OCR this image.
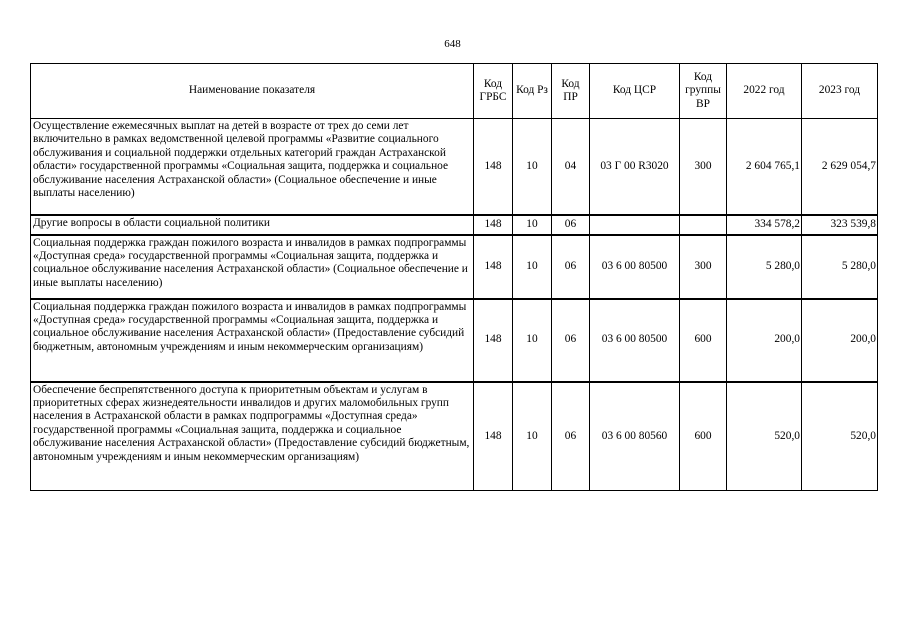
648
Наименование показателя	Код ГРБС	Код Рз	Код ПР	Код ЦСР	Код группы ВР	2022 год	2023 год
Осуществление ежемесячных выплат на детей в возрасте от трех до семи лет включительно в рамках ведомственной целевой программы «Развитие социального обслуживания и социальной поддержки отдельных категорий граждан Астраханской области» государственной программы «Социальная защита, поддержка и социальное обслуживание населения Астраханской области» (Социальное обеспечение и иные выплаты населению)	148	10	04	03 Г 00 R3020	300	2 604 765,1	2 629 054,7
Другие вопросы в области социальной политики	148	10	06			334 578,2	323 539,8
Социальная поддержка граждан пожилого возраста и инвалидов в рамках подпрограммы «Доступная среда» государственной программы «Социальная защита, поддержка и социальное обслуживание населения Астраханской области» (Социальное обеспечение и иные выплаты населению)	148	10	06	03 6 00 80500	300	5 280,0	5 280,0
Социальная поддержка граждан пожилого возраста и инвалидов в рамках подпрограммы «Доступная среда» государственной программы «Социальная защита, поддержка и социальное обслуживание населения Астраханской области» (Предоставление субсидий бюджетным, автономным учреждениям и иным некоммерческим организациям)	148	10	06	03 6 00 80500	600	200,0	200,0
Обеспечение беспрепятственного доступа к приоритетным объектам и услугам в приоритетных сферах жизнедеятельности инвалидов и других маломобильных групп населения в Астраханской области в рамках подпрограммы «Доступная среда» государственной программы «Социальная защита, поддержка и социальное обслуживание населения Астраханской области» (Предоставление субсидий бюджетным, автономным учреждениям и иным некоммерческим организациям)	148	10	06	03 6 00 80560	600	520,0	520,0
